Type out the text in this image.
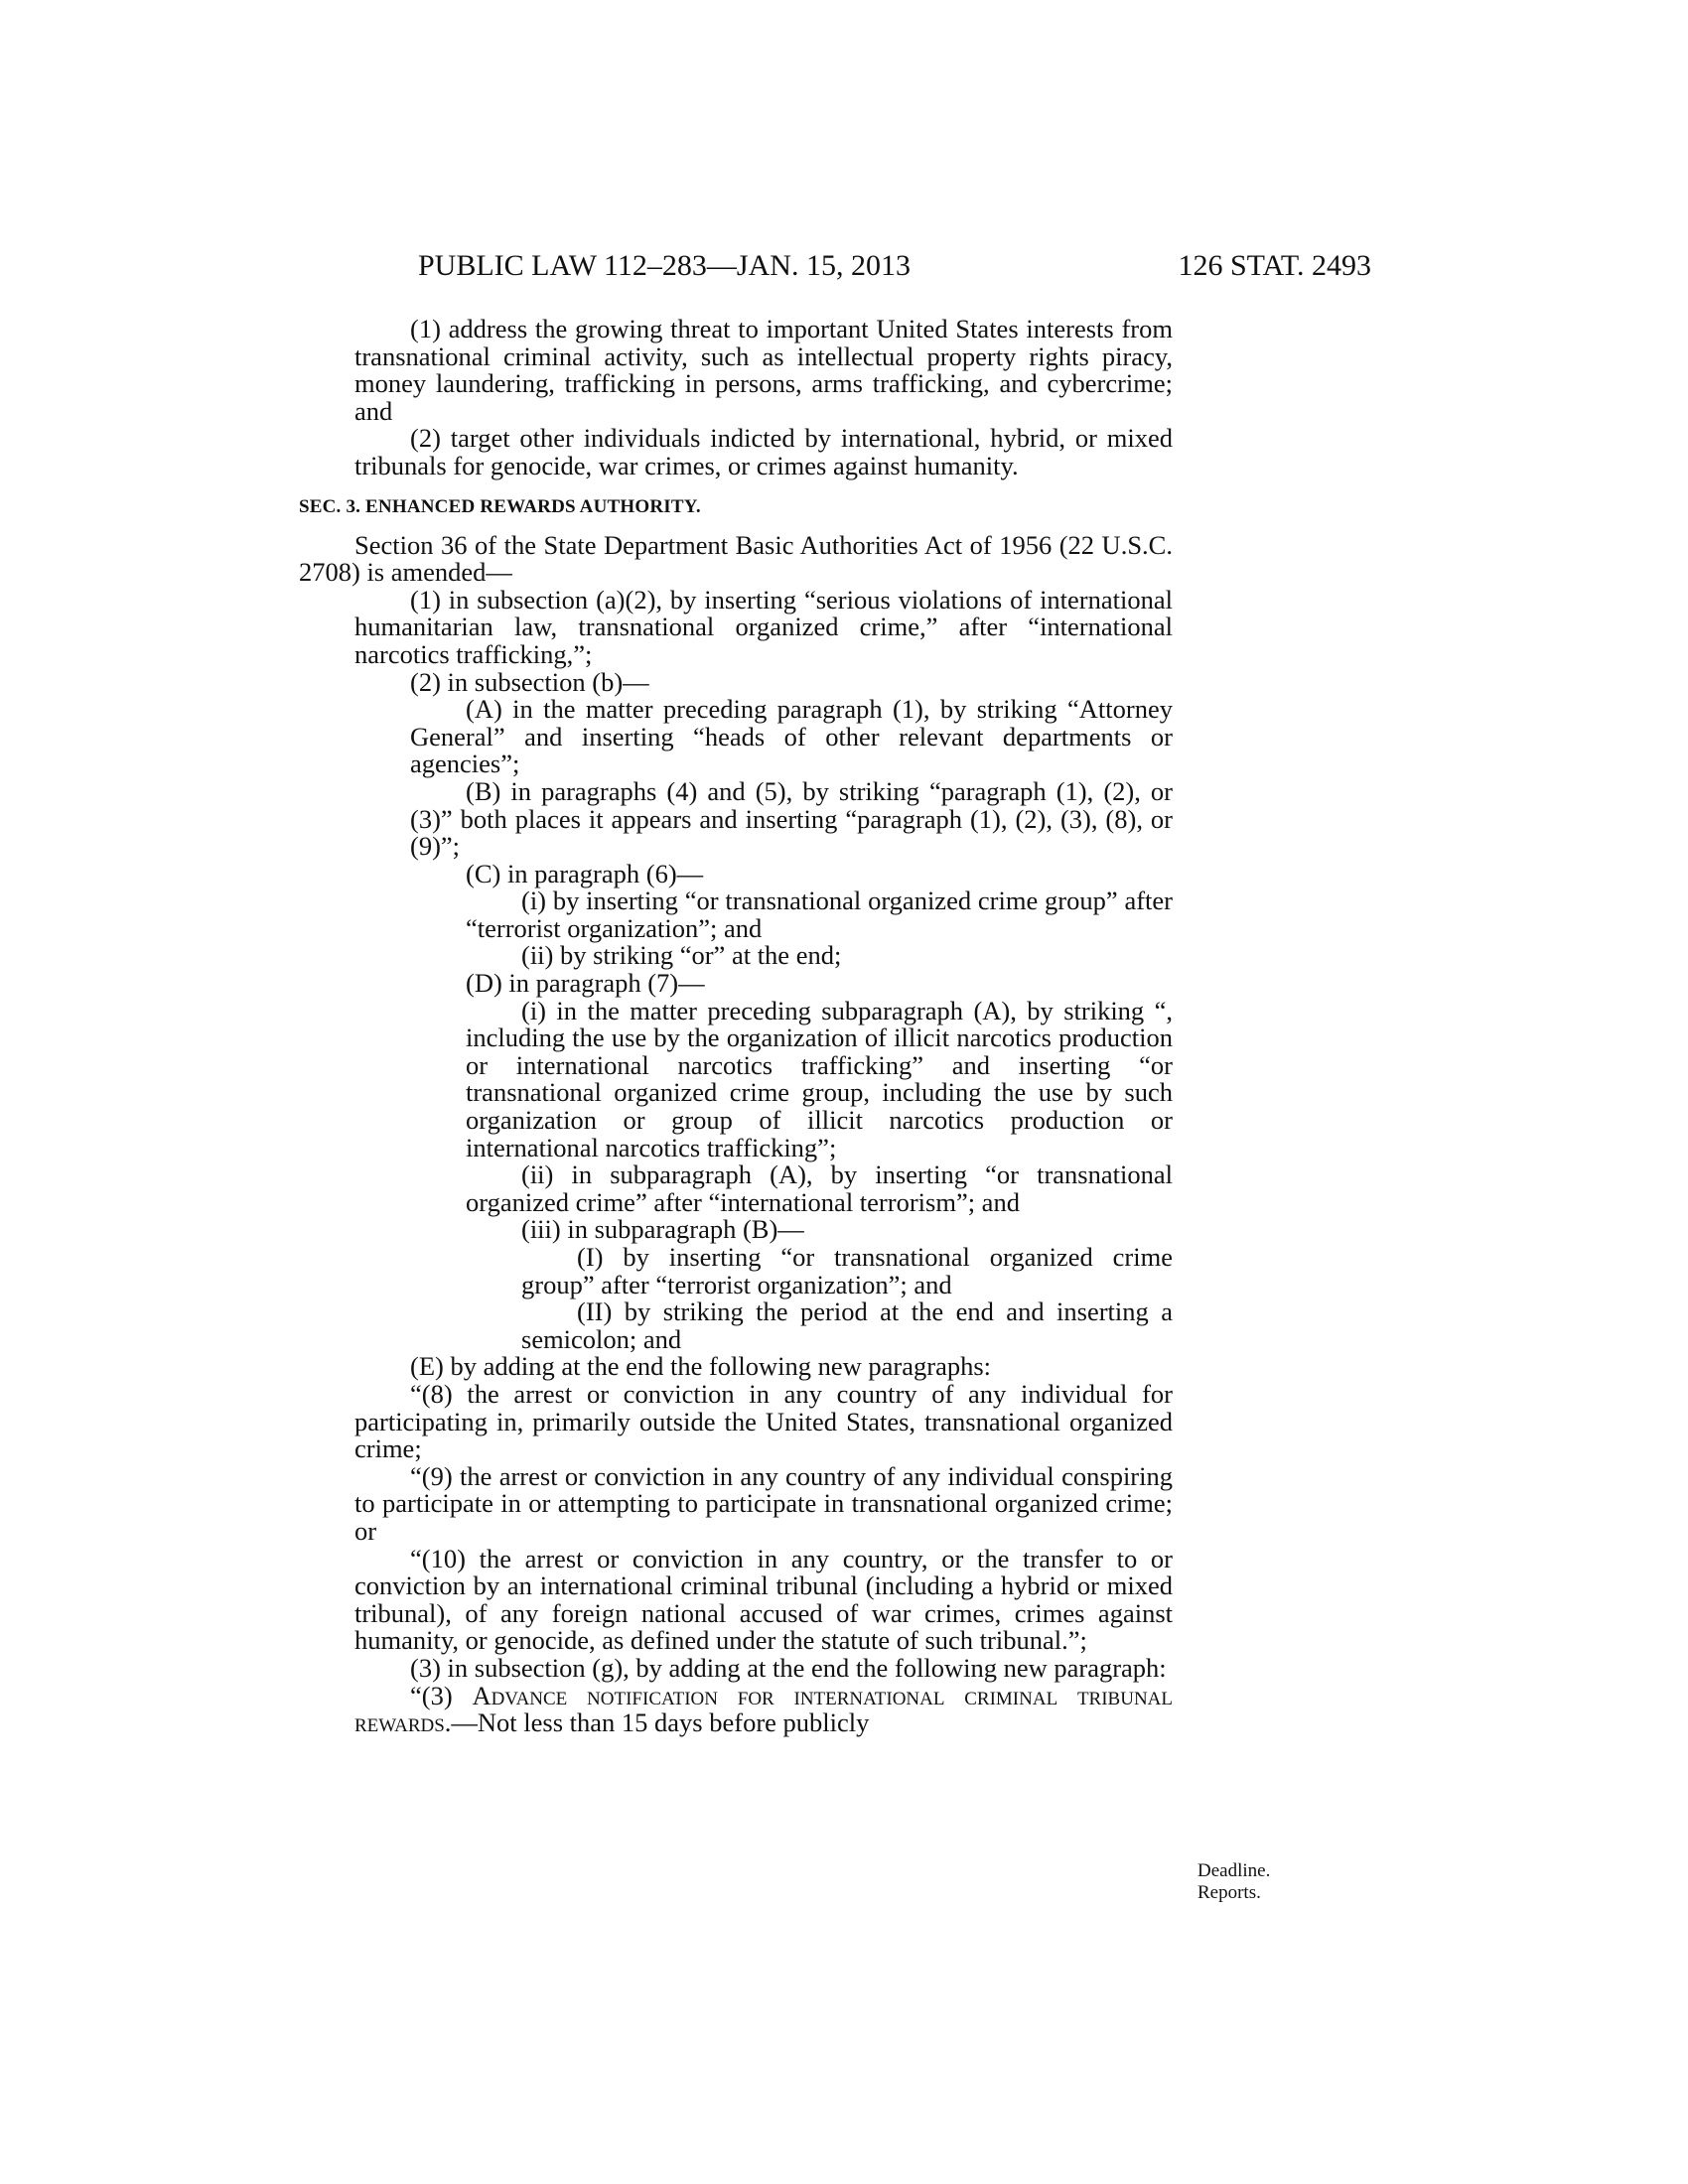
PUBLIC LAW 112–283—JAN. 15, 2013	126 STAT. 2493

(1) address the growing threat to important United States interests from transnational criminal activity, such as intellectual property rights piracy, money laundering, trafficking in persons, arms trafficking, and cybercrime; and

(2) target other individuals indicted by international, hybrid, or mixed tribunals for genocide, war crimes, or crimes against humanity.

SEC. 3. ENHANCED REWARDS AUTHORITY.

Section 36 of the State Department Basic Authorities Act of 1956 (22 U.S.C. 2708) is amended—

(1) in subsection (a)(2), by inserting “serious violations of international humanitarian law, transnational organized crime,” after “international narcotics trafficking,”;

(2) in subsection (b)—

(A) in the matter preceding paragraph (1), by striking “Attorney General” and inserting “heads of other relevant departments or agencies”;

(B) in paragraphs (4) and (5), by striking “paragraph (1), (2), or (3)” both places it appears and inserting “paragraph (1), (2), (3), (8), or (9)”;

(C) in paragraph (6)—

(i) by inserting “or transnational organized crime group” after “terrorist organization”; and

(ii) by striking “or” at the end;

(D) in paragraph (7)—

(i) in the matter preceding subparagraph (A), by striking “, including the use by the organization of illicit narcotics production or international narcotics trafficking” and inserting “or transnational organized crime group, including the use by such organization or group of illicit narcotics production or international narcotics trafficking”;

(ii) in subparagraph (A), by inserting “or transnational organized crime” after “international terrorism”; and

(iii) in subparagraph (B)—

(I) by inserting “or transnational organized crime group” after “terrorist organization”; and

(II) by striking the period at the end and inserting a semicolon; and

(E) by adding at the end the following new paragraphs:

“(8) the arrest or conviction in any country of any individual for participating in, primarily outside the United States, transnational organized crime;

“(9) the arrest or conviction in any country of any individual conspiring to participate in or attempting to participate in transnational organized crime; or

“(10) the arrest or conviction in any country, or the transfer to or conviction by an international criminal tribunal (including a hybrid or mixed tribunal), of any foreign national accused of war crimes, crimes against humanity, or genocide, as defined under the statute of such tribunal.”;

(3) in subsection (g), by adding at the end the following new paragraph:

“(3) Advance notification for international criminal tribunal rewards.—Not less than 15 days before publicly

Deadline.
Reports.
